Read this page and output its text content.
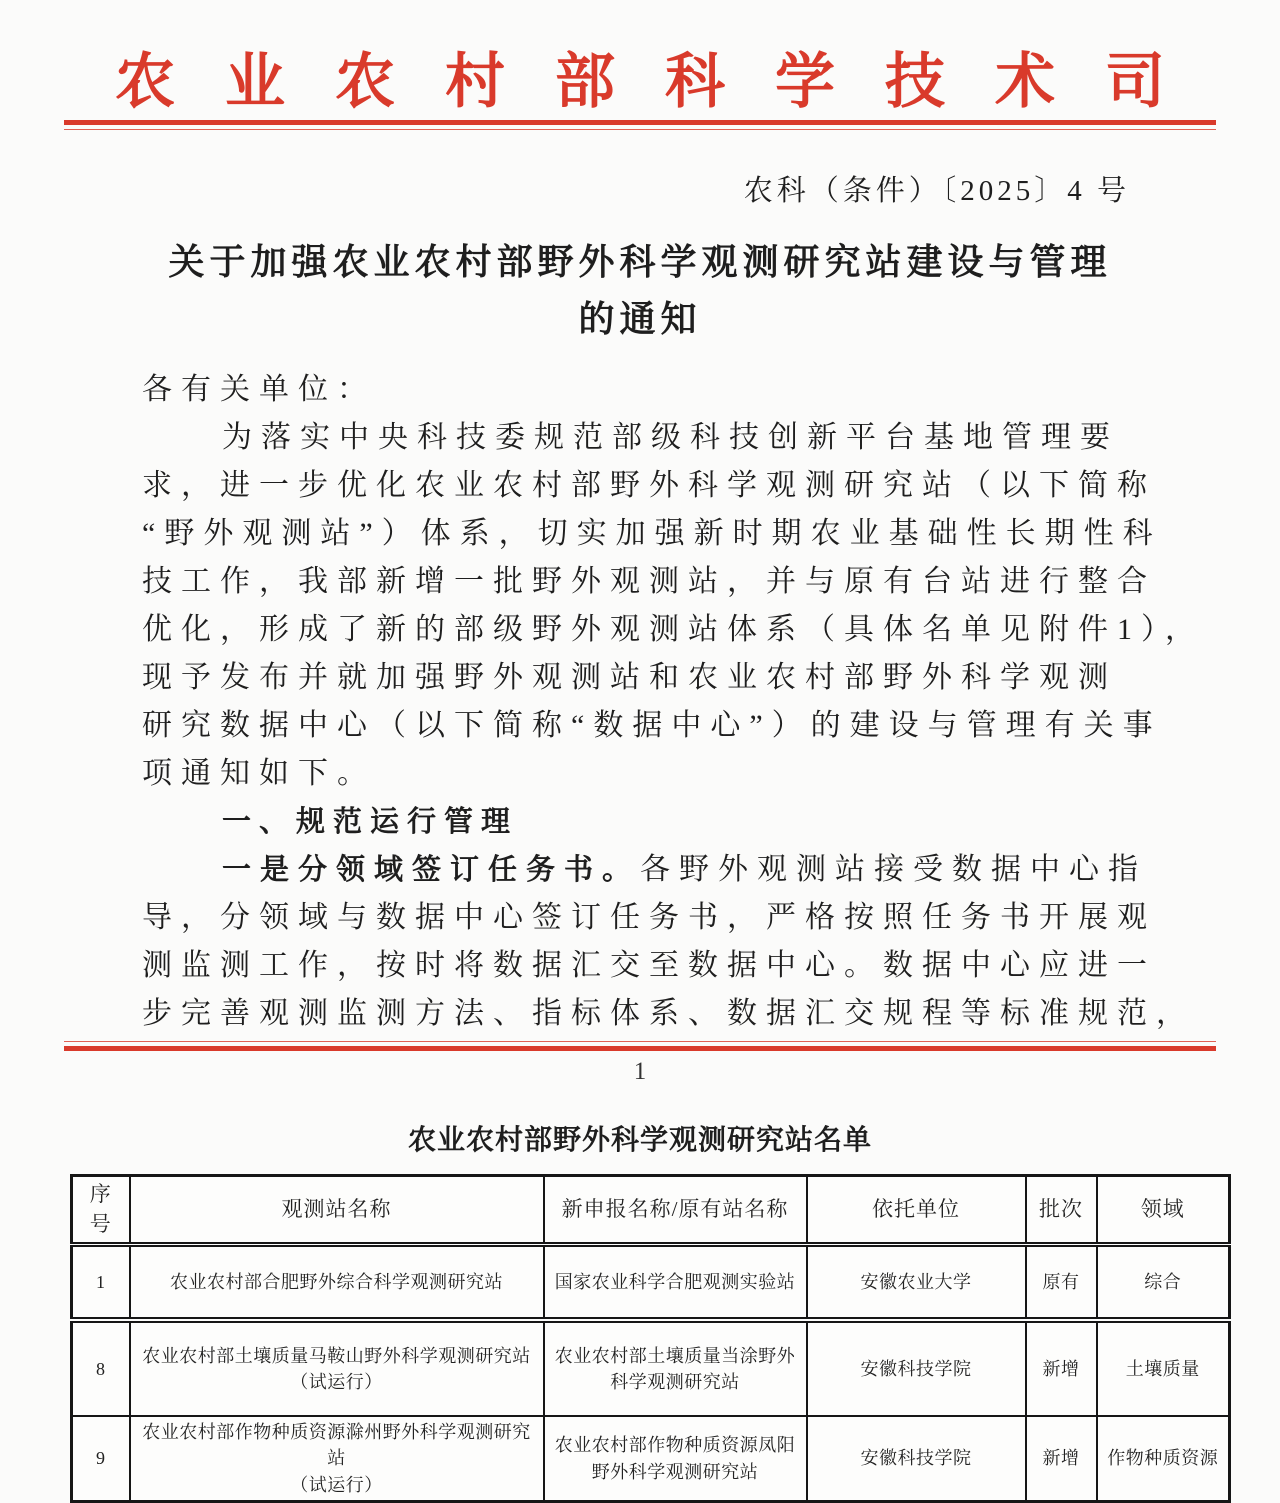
农业农村部科学技术司
农科（条件）〔2025〕4 号
关于加强农业农村部野外科学观测研究站建设与管理
的通知
各有关单位：
为落实中央科技委规范部级科技创新平台基地管理要
求，进一步优化农业农村部野外科学观测研究站（以下简称
“野外观测站”）体系，切实加强新时期农业基础性长期性科
技工作，我部新增一批野外观测站，并与原有台站进行整合
优化，形成了新的部级野外观测站体系（具体名单见附件1），
现予发布并就加强野外观测站和农业农村部野外科学观测
研究数据中心（以下简称“数据中心”）的建设与管理有关事
项通知如下。
一、规范运行管理
一是分领域签订任务书。各野外观测站接受数据中心指
导，分领域与数据中心签订任务书，严格按照任务书开展观
测监测工作，按时将数据汇交至数据中心。数据中心应进一
步完善观测监测方法、指标体系、数据汇交规程等标准规范，
1
农业农村部野外科学观测研究站名单
序号	观测站名称	新申报名称/原有站名称	依托单位	批次	领域
1	农业农村部合肥野外综合科学观测研究站	国家农业科学合肥观测实验站	安徽农业大学	原有	综合
8	农业农村部土壤质量马鞍山野外科学观测研究站
（试运行）	农业农村部土壤质量当涂野外科学观测研究站	安徽科技学院	新增	土壤质量
9	农业农村部作物种质资源滁州野外科学观测研究站
（试运行）	农业农村部作物种质资源凤阳野外科学观测研究站	安徽科技学院	新增	作物种质资源
